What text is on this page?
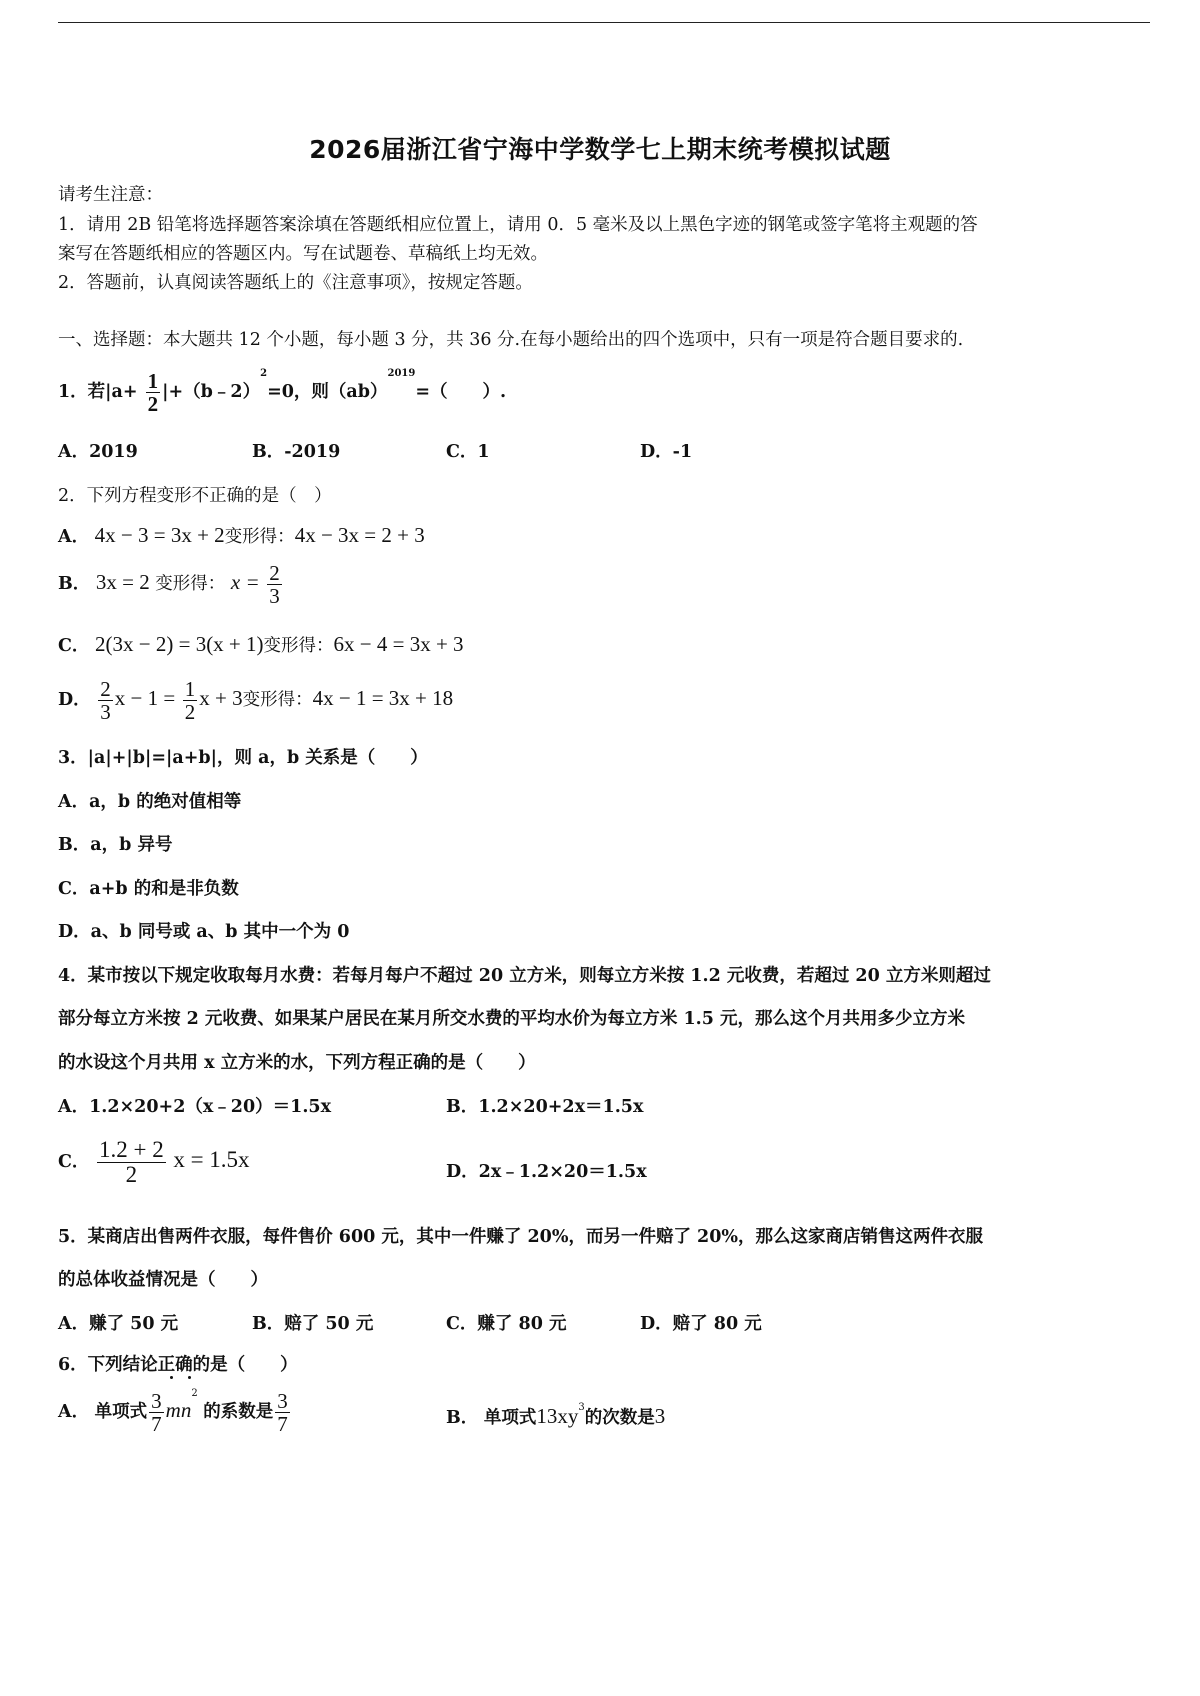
2026届浙江省宁海中学数学七上期末统考模拟试题
请考生注意：
1．请用 2B 铅笔将选择题答案涂填在答题纸相应位置上，请用 0．5 毫米及以上黑色字迹的钢笔或签字笔将主观题的答
案写在答题纸相应的答题区内。写在试题卷、草稿纸上均无效。
2．答题前，认真阅读答题纸上的《注意事项》，按规定答题。
一、选择题：本大题共 12 个小题，每小题 3 分，共 36 分.在每小题给出的四个选项中，只有一项是符合题目要求的.
1．若$|a+ \frac{1}{2}$ |+（b﹣2）$^2$=0，则（ab）$^{2019}$=（　　）.
A．2019	B．-2019	C．1	D．-1
2．下列方程变形不正确的是（　）
A． 4x − 3 = 3x + 2变形得：4x − 3x = 2 + 3
B． 3x = 2 变形得： $x = \frac{2}{3}$
C． 2(3x − 2) = 3(x + 1)变形得：6x − 4 = 3x + 3
D． $\frac{2}{3}$ $x - 1 = \frac{1}{2}$ x + 3变形得：4x − 1 = 3x + 18
3．|a|+|b|=|a+b|，则 a，b 关系是（　　）
A．a，b 的绝对值相等
B．a，b 异号
C．a+b 的和是非负数
D．a、b 同号或 a、b 其中一个为 0
4．某市按以下规定收取每月水费：若每月每户不超过 20 立方米，则每立方米按 1.2 元收费，若超过 20 立方米则超过
部分每立方米按 2 元收费、如果某户居民在某月所交水费的平均水价为每立方米 1.5 元，那么这个月共用多少立方米
的水设这个月共用 x 立方米的水，下列方程正确的是（　　）
A．1.2×20+2（x﹣20）＝1.5x	B．1.2×20+2x＝1.5x
C． $\frac{1.2 + 2}{2}$ x = 1.5x	D．2x﹣1.2×20＝1.5x
5．某商店出售两件衣服，每件售价 600 元，其中一件赚了 20%，而另一件赔了 20%，那么这家商店销售这两件衣服
的总体收益情况是（　　）
A．赚了 50 元	B．赔了 50 元	C．赚了 80 元	D．赔了 80 元
6．下列结论正确的是（　　）
A． 单项式 $\frac{3}{7} mn^2$ 的系数是 $\frac{3}{7}$	B． 单项式$13xy^3$的次数是3
